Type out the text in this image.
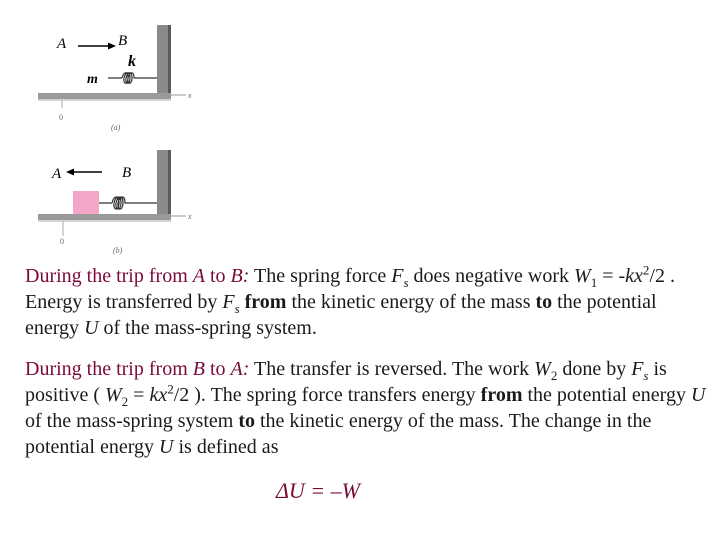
A	B
k
m
x
0
(a)
A	B
x
0
(b)

During the trip from A to B: The spring force $F_s$ does negative work $W_1 = -kx^2/2$ . Energy is transferred by $F_s$ from the kinetic energy of the mass to the potential energy U of the mass-spring system.

During the trip from B to A: The transfer is reversed. The work $W_2$ done by $F_s$ is positive ( $W_2 = kx^2/2$ ). The spring force transfers energy from the potential energy U of the mass-spring system to the kinetic energy of the mass. The change in the potential energy U is defined as

ΔU = –W
